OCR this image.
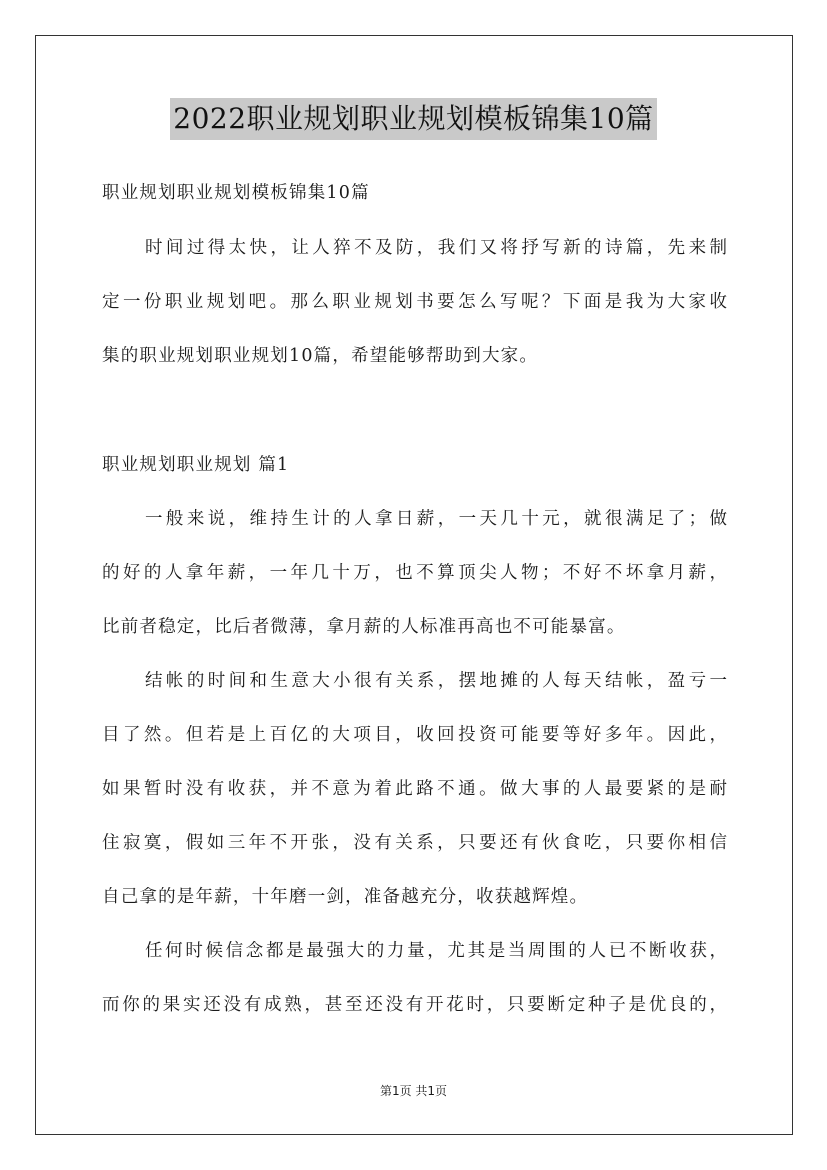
2022职业规划职业规划模板锦集10篇
职业规划职业规划模板锦集10篇
时间过得太快，让人猝不及防，我们又将抒写新的诗篇，先来制
定一份职业规划吧。那么职业规划书要怎么写呢？下面是我为大家收
集的职业规划职业规划10篇，希望能够帮助到大家。
职业规划职业规划 篇1
一般来说，维持生计的人拿日薪，一天几十元，就很满足了；做
的好的人拿年薪，一年几十万，也不算顶尖人物；不好不坏拿月薪，
比前者稳定，比后者微薄，拿月薪的人标准再高也不可能暴富。
结帐的时间和生意大小很有关系，摆地摊的人每天结帐，盈亏一
目了然。但若是上百亿的大项目，收回投资可能要等好多年。因此，
如果暂时没有收获，并不意为着此路不通。做大事的人最要紧的是耐
住寂寞，假如三年不开张，没有关系，只要还有伙食吃，只要你相信
自己拿的是年薪，十年磨一剑，准备越充分，收获越辉煌。
任何时候信念都是最强大的力量，尤其是当周围的人已不断收获，
而你的果实还没有成熟，甚至还没有开花时，只要断定种子是优良的，
第1页 共1页
